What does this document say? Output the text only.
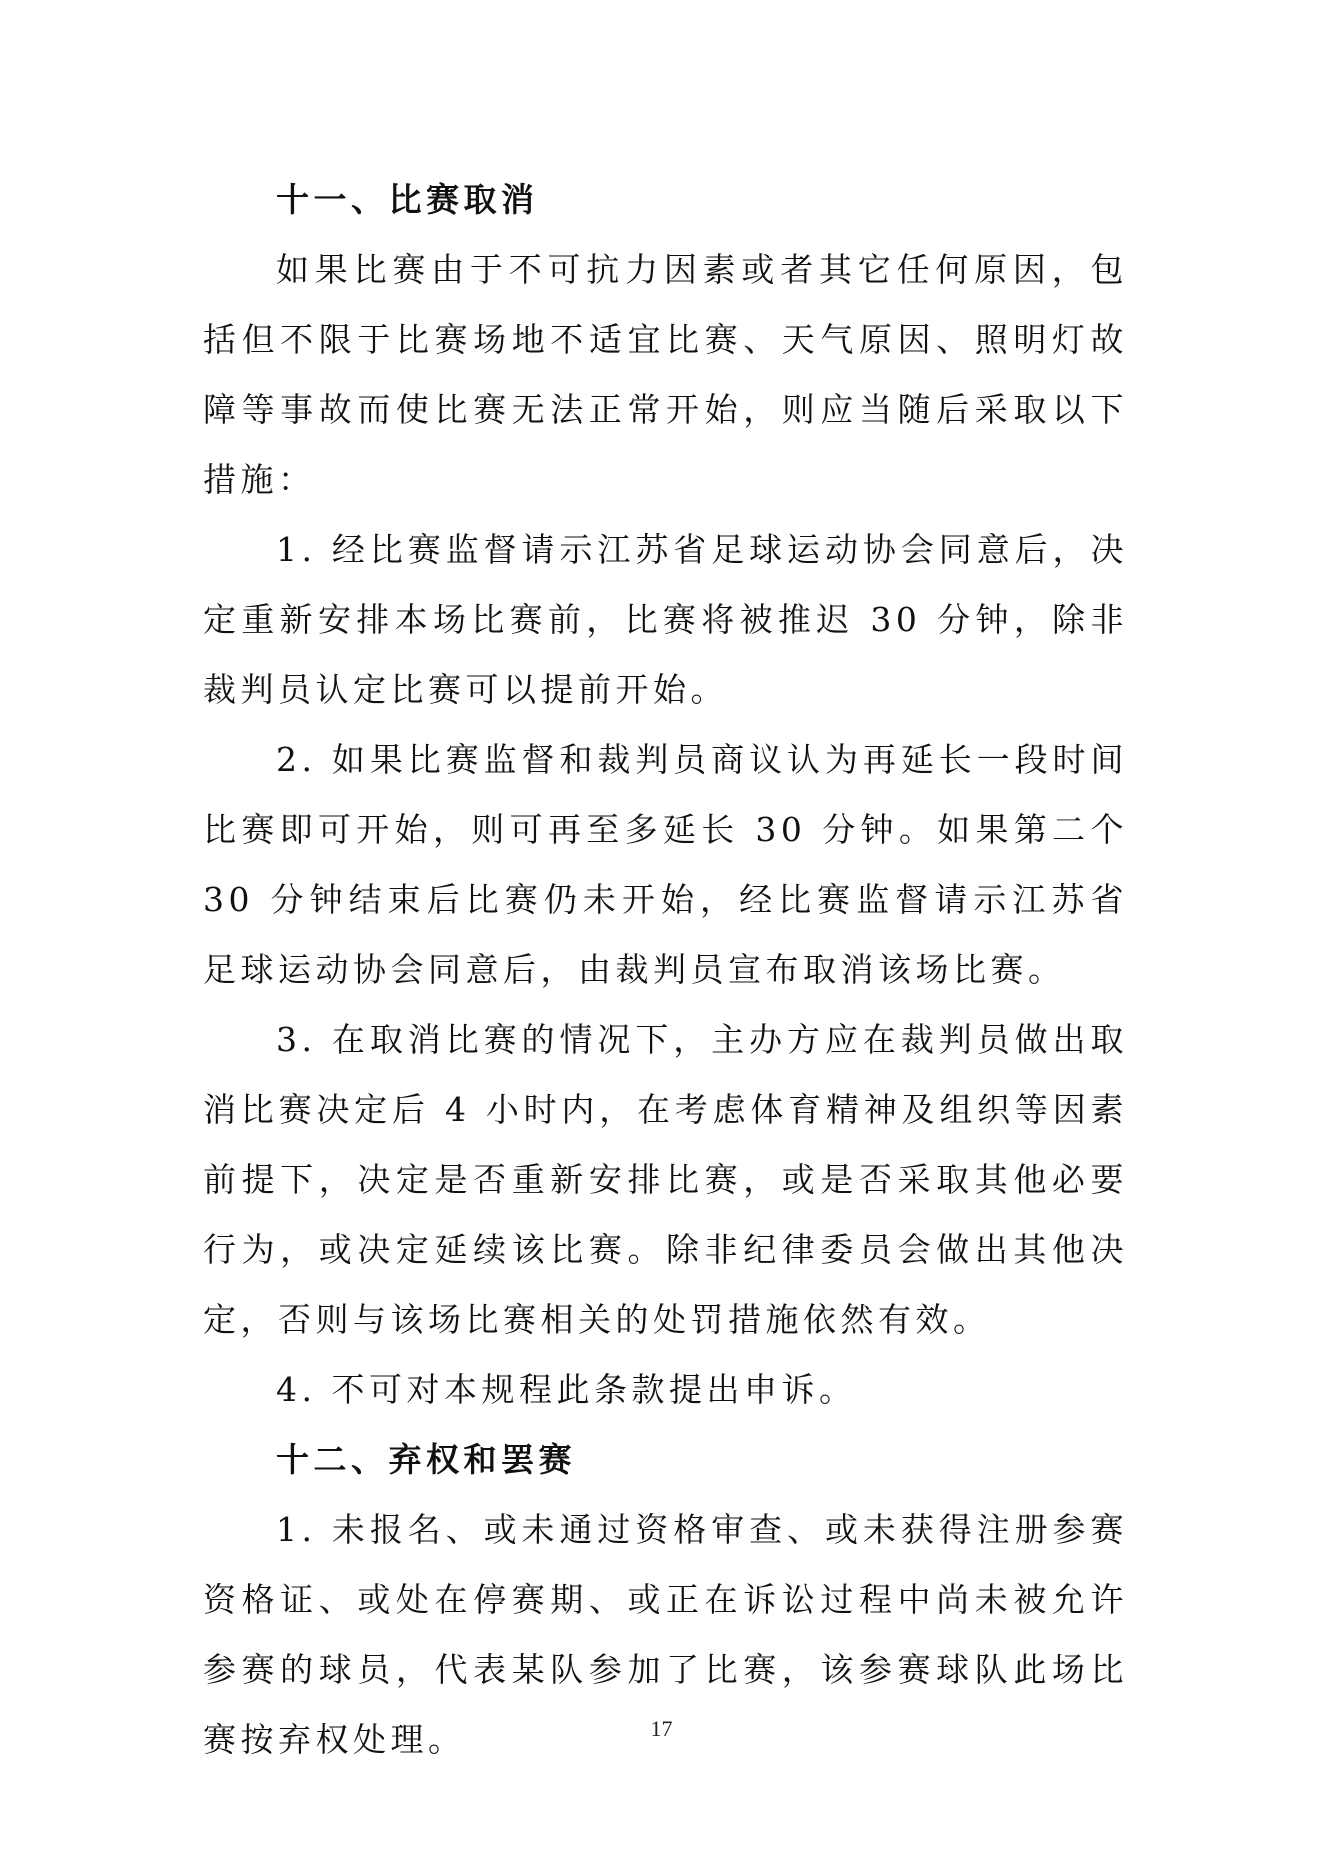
十一、比赛取消

如果比赛由于不可抗力因素或者其它任何原因，包括但不限于比赛场地不适宜比赛、天气原因、照明灯故障等事故而使比赛无法正常开始，则应当随后采取以下措施：

1. 经比赛监督请示江苏省足球运动协会同意后，决定重新安排本场比赛前，比赛将被推迟 30 分钟，除非裁判员认定比赛可以提前开始。

2. 如果比赛监督和裁判员商议认为再延长一段时间比赛即可开始，则可再至多延长 30 分钟。如果第二个 30 分钟结束后比赛仍未开始，经比赛监督请示江苏省足球运动协会同意后，由裁判员宣布取消该场比赛。

3. 在取消比赛的情况下，主办方应在裁判员做出取消比赛决定后 4 小时内，在考虑体育精神及组织等因素前提下，决定是否重新安排比赛，或是否采取其他必要行为，或决定延续该比赛。除非纪律委员会做出其他决定，否则与该场比赛相关的处罚措施依然有效。

4. 不可对本规程此条款提出申诉。

十二、弃权和罢赛

1. 未报名、或未通过资格审查、或未获得注册参赛资格证、或处在停赛期、或正在诉讼过程中尚未被允许参赛的球员，代表某队参加了比赛，该参赛球队此场比赛按弃权处理。	17
